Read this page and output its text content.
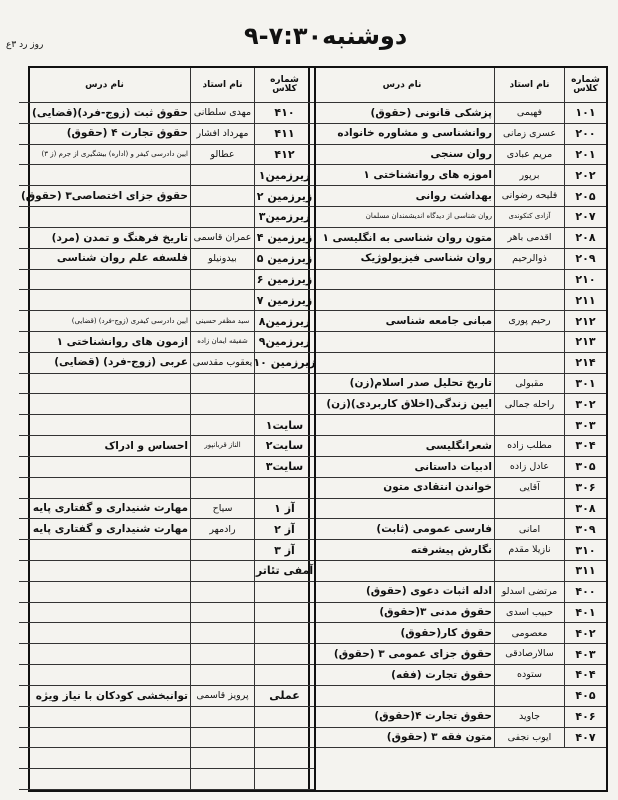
دوشنبه۷:۳۰-۹
روز رد ۳ع
شماره کلاس
نام استاد
نام درس
۱۰۱
فهیمی
پزشکی قانونی (حقوق)
۲۰۰
عسری زمانی
روانشناسی و مشاوره خانواده
۲۰۱
مریم عبادی
روان سنجی
۲۰۲
برپور
اموزه های روانشناختی ۱
۲۰۵
فلیحه رضوانی
بهداشت روانی
۲۰۷
آزادی کنکوندی
روان شناسی از دیدگاه اندیشمندان مسلمان
۲۰۸
اقدمی باهر
متون روان شناسی به انگلیسی ۱
۲۰۹
ذوالرحیم
روان شناسی فیزیولوژیک
۲۱۰
۲۱۱
۲۱۲
رحیم پوری
مبانی جامعه شناسی
۲۱۳
۲۱۴
۳۰۱
مقبولی
تاریخ تحلیل صدر اسلام(زن)
۳۰۲
راحله جمالی
ایین زندگی(اخلاق کاربردی)(زن)
۳۰۳
۳۰۴
مطلب زاده
شعرانگلیسی
۳۰۵
عادل زاده
ادبیات داستانی
۳۰۶
آقایی
خواندن انتقادی متون
۳۰۸
۳۰۹
امانی
فارسی عمومی (ثابت)
۳۱۰
نازیلا مقدم
نگارش پیشرفته
۳۱۱
۴۰۰
مرتضی اسدلو
ادله اثبات دعوی (حقوق)
۴۰۱
حبیب اسدی
حقوق مدنی ۳(حقوق)
۴۰۲
معصومی
حقوق کار(حقوق)
۴۰۳
سالارصادقی
حقوق جزای عمومی ۳ (حقوق)
۴۰۴
ستوده
حقوق تجارت (فقه)
۴۰۵
۴۰۶
جاوید
حقوق تجارت ۴(حقوق)
۴۰۷
ایوب نجفی
متون فقه ۳ (حقوق)
شماره کلاس
نام استاد
نام درس
۴۱۰
مهدی سلطانی
حقوق ثبت (زوج-فرد)(قضایی)
۴۱۱
مهرداد افشار
حقوق تجارت ۴ (حقوق)
۴۱۲
عطالو
ایین دادرسی کیفر و (اداره) بیشگیری از جرم (ز ۳)
زیرزمین۱
زیرزمین ۲
حقوق جزای اختصاصی۳ (حقوق)
زیرزمین۳
زیرزمین ۴
عمران قاسمی
تاریخ فرهنگ و تمدن (مرد)
زیرزمین ۵
بیدونیلو
فلسفه علم روان شناسی
زیرزمین ۶
زیرزمین ۷
زیرزمین۸
سید مظفر حسینی
ایین دادرسی کیفری (زوج-فرد) (قضایی)
زیرزمین۹
شفیقه ایمان زاده
ازمون های روانشناختی ۱
زیرزمین ۱۰
یعقوب مقدسی
عربی (زوج-فرد) (قضایی)
سایت۱
سایت۲
الناز قربانپور
احساس و ادراک
سایت۳
آز ۱
سیاح
مهارت شنیداری و گفتاری پایه
آز ۲
رادمهر
مهارت شنیداری و گفتاری پایه
آز ۳
آمفی تئاتر
عملی
پرویز قاسمی
توانبخشی کودکان با نیاز ویژه
